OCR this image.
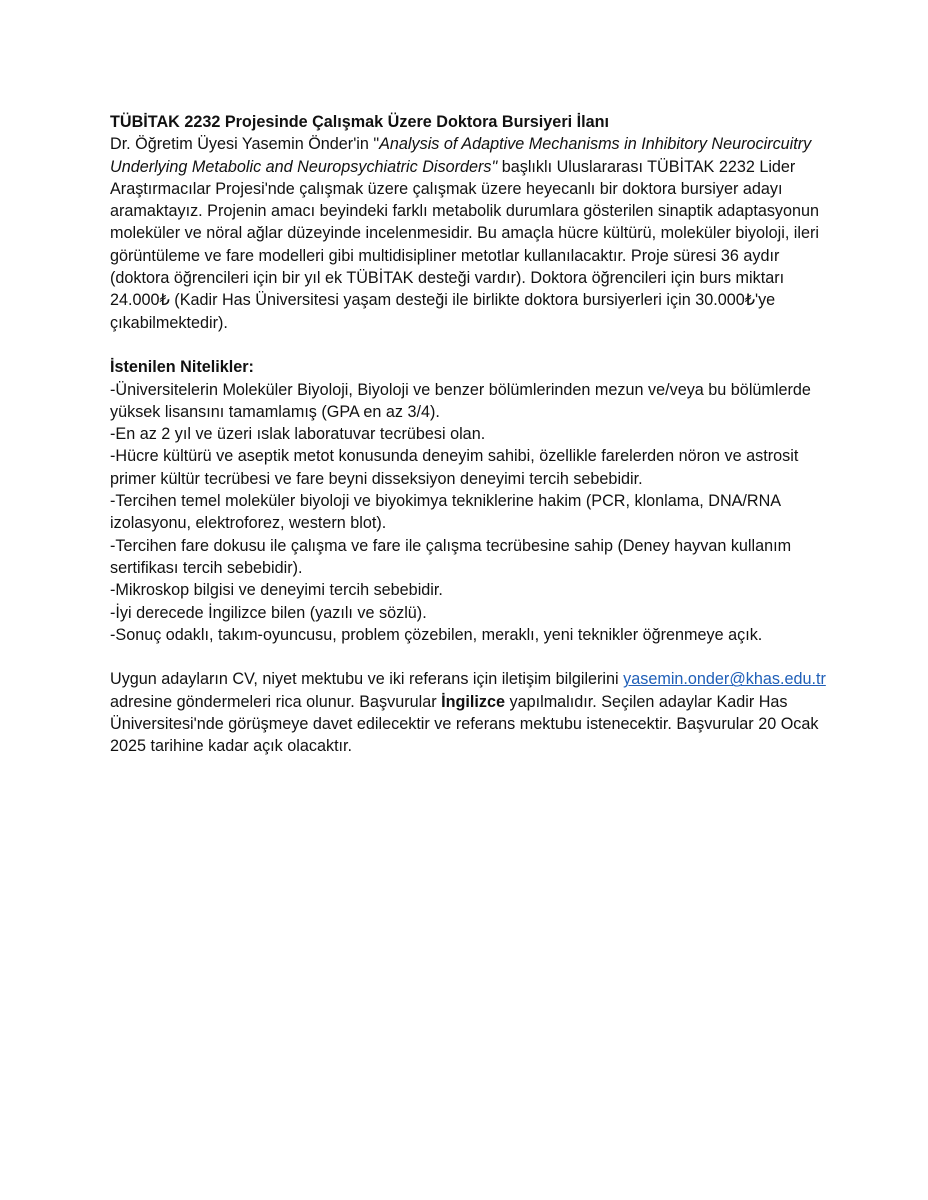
TÜBİTAK 2232 Projesinde Çalışmak Üzere Doktora Bursiyeri İlanı

Dr. Öğretim Üyesi Yasemin Önder'in "Analysis of Adaptive Mechanisms in Inhibitory Neurocircuitry Underlying Metabolic and Neuropsychiatric Disorders" başlıklı Uluslararası TÜBİTAK 2232 Lider Araştırmacılar Projesi'nde çalışmak üzere çalışmak üzere heyecanlı bir doktora bursiyer adayı aramaktayız. Projenin amacı beyindeki farklı metabolik durumlara gösterilen sinaptik adaptasyonun moleküler ve nöral ağlar düzeyinde incelenmesidir. Bu amaçla hücre kültürü, moleküler biyoloji, ileri görüntüleme ve fare modelleri gibi multidisipliner metotlar kullanılacaktır. Proje süresi 36 aydır (doktora öğrencileri için bir yıl ek TÜBİTAK desteği vardır). Doktora öğrencileri için burs miktarı 24.000₺ (Kadir Has Üniversitesi yaşam desteği ile birlikte doktora bursiyerleri için 30.000₺'ye çıkabilmektedir).

İstenilen Nitelikler:

-Üniversitelerin Moleküler Biyoloji, Biyoloji ve benzer bölümlerinden mezun ve/veya bu bölümlerde yüksek lisansını tamamlamış (GPA en az 3/4).

-En az 2 yıl ve üzeri ıslak laboratuvar tecrübesi olan.

-Hücre kültürü ve aseptik metot konusunda deneyim sahibi, özellikle farelerden nöron ve astrosit primer kültür tecrübesi ve fare beyni disseksiyon deneyimi tercih sebebidir.

-Tercihen temel moleküler biyoloji ve biyokimya tekniklerine hakim (PCR, klonlama, DNA/RNA izolasyonu, elektroforez, western blot).

-Tercihen fare dokusu ile çalışma ve fare ile çalışma tecrübesine sahip (Deney hayvan kullanım sertifikası tercih sebebidir).

-Mikroskop bilgisi ve deneyimi tercih sebebidir.

-İyi derecede İngilizce bilen (yazılı ve sözlü).

-Sonuç odaklı, takım-oyuncusu, problem çözebilen, meraklı, yeni teknikler öğrenmeye açık.

Uygun adayların CV, niyet mektubu ve iki referans için iletişim bilgilerini yasemin.onder@khas.edu.tr adresine göndermeleri rica olunur. Başvurular İngilizce yapılmalıdır. Seçilen adaylar Kadir Has Üniversitesi'nde görüşmeye davet edilecektir ve referans mektubu istenecektir. Başvurular 20 Ocak 2025 tarihine kadar açık olacaktır.
